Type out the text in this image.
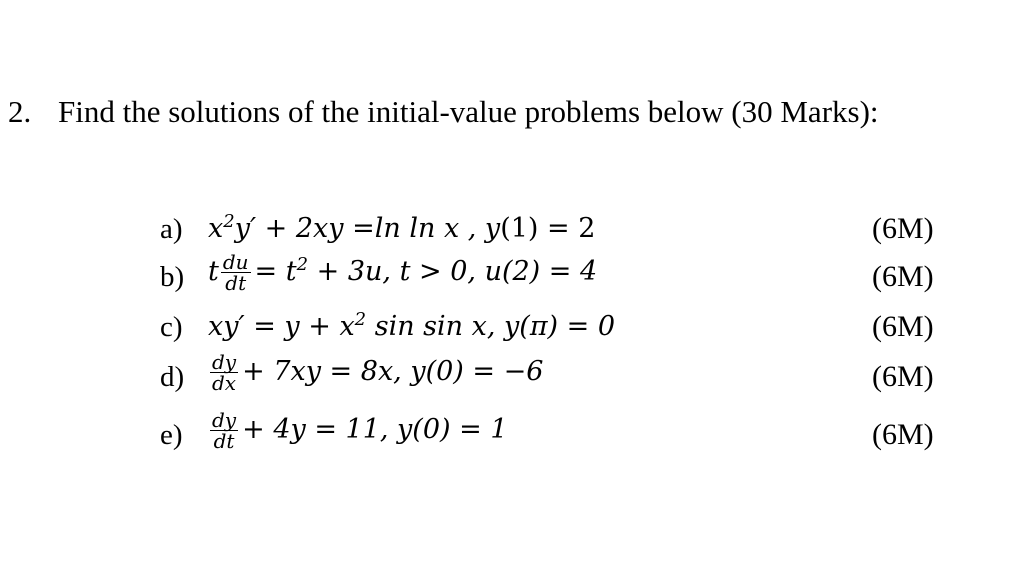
2. Find the solutions of the initial-value problems below (30 Marks):
a) $x^2y' + 2xy =\ln$ ln x , y(1) = 2	(6M)
b) t $\frac{du}{dt} = t^2 + 3u$, t > 0, u(2) = 4	(6M)
c) $xy' = y + x^2$ sin sin x, y(π) = 0	(6M)
$d) \frac{dy}{dx} + 7xy = 8x$, y(0) = −6	(6M)
$e) \frac{dy}{dt} + 4y = 11$, y(0) = 1	(6M)
